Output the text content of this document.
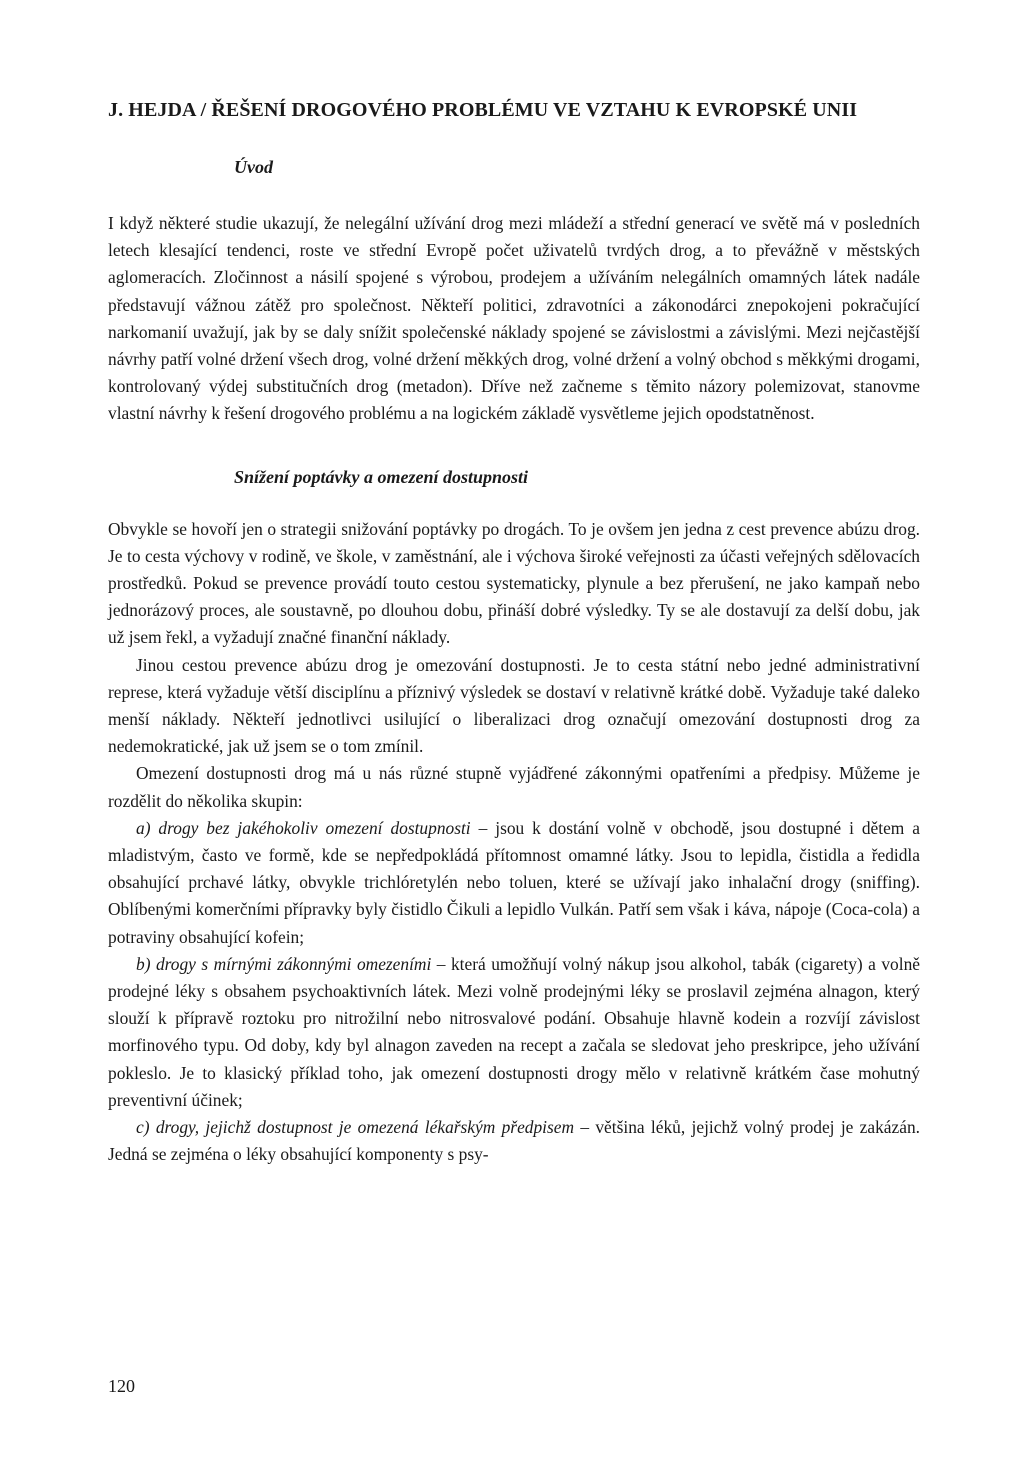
J. HEJDA / ŘEŠENÍ DROGOVÉHO PROBLÉMU VE VZTAHU K EVROPSKÉ UNII
Úvod

I když některé studie ukazují, že nelegální užívání drog mezi mládeží a střední generací ve světě má v posledních letech klesající tendenci, roste ve střední Evropě počet uživatelů tvrdých drog, a to převážně v městských aglomeracích. Zločinnost a násilí spojené s výrobou, prodejem a užíváním nelegálních omamných látek nadále představují vážnou zátěž pro společnost. Někteří politici, zdravotníci a zákonodárci znepokojeni pokračující narkomanií uvažují, jak by se daly snížit společenské náklady spojené se závislostmi a závislými. Mezi nejčastější návrhy patří volné držení všech drog, volné držení měkkých drog, volné držení a volný obchod s měkkými drogami, kontrolovaný výdej substitučních drog (metadon). Dříve než začneme s těmito názory polemizovat, stanovme vlastní návrhy k řešení drogového problému a na logickém základě vysvětleme jejich opodstatněnost.

Snížení poptávky a omezení dostupnosti

Obvykle se hovoří jen o strategii snižování poptávky po drogách. To je ovšem jen jedna z cest prevence abúzu drog. Je to cesta výchovy v rodině, ve škole, v zaměstnání, ale i výchova široké veřejnosti za účasti veřejných sdělovacích prostředků. Pokud se prevence provádí touto cestou systematicky, plynule a bez přerušení, ne jako kampaň nebo jednorázový proces, ale soustavně, po dlouhou dobu, přináší dobré výsledky. Ty se ale dostavují za delší dobu, jak už jsem řekl, a vyžadují značné finanční náklady.

Jinou cestou prevence abúzu drog je omezování dostupnosti. Je to cesta státní nebo jedné administrativní represe, která vyžaduje větší disciplínu a příznivý výsledek se dostaví v relativně krátké době. Vyžaduje také daleko menší náklady. Někteří jednotlivci usilující o liberalizaci drog označují omezování dostupnosti drog za nedemokratické, jak už jsem se o tom zmínil.

Omezení dostupnosti drog má u nás různé stupně vyjádřené zákonnými opatřeními a předpisy. Můžeme je rozdělit do několika skupin:

a) drogy bez jakéhokoliv omezení dostupnosti – jsou k dostání volně v obchodě, jsou dostupné i dětem a mladistvým, často ve formě, kde se nepředpokládá přítomnost omamné látky. Jsou to lepidla, čistidla a ředidla obsahující prchavé látky, obvykle trichlóretylén nebo toluen, které se užívají jako inhalační drogy (sniffing). Oblíbenými komerčními přípravky byly čistidlo Čikuli a lepidlo Vulkán. Patří sem však i káva, nápoje (Coca-cola) a potraviny obsahující kofein;

b) drogy s mírnými zákonnými omezeními – která umožňují volný nákup jsou alkohol, tabák (cigarety) a volně prodejné léky s obsahem psychoaktivních látek. Mezi volně prodejnými léky se proslavil zejména alnagon, který slouží k přípravě roztoku pro nitrožilní nebo nitrosvalové podání. Obsahuje hlavně kodein a rozvíjí závislost morfinového typu. Od doby, kdy byl alnagon zaveden na recept a začala se sledovat jeho preskripce, jeho užívání pokleslo. Je to klasický příklad toho, jak omezení dostupnosti drogy mělo v relativně krátkém čase mohutný preventivní účinek;

c) drogy, jejichž dostupnost je omezená lékařským předpisem – většina léků, jejichž volný prodej je zakázán. Jedná se zejména o léky obsahující komponenty s psy-

120
